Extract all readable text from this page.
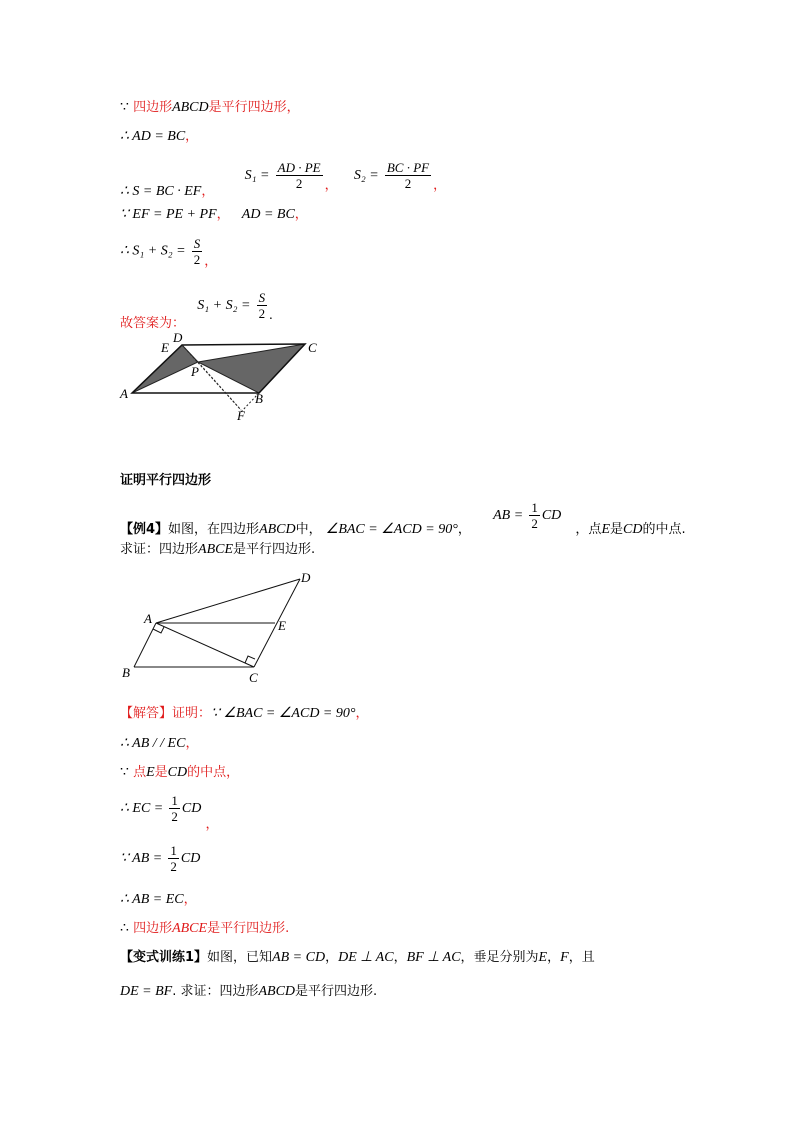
∵ 四边形ABCD是平行四边形，
∴ AD = BC，
∴ S = BC · EF，  $S_1 = \frac{AD \cdot PE}{2}$ ，  $S_2 = \frac{BC \cdot PF}{2}$ ，
∵ EF = PE + PF， AD = BC，
∴ $S_1 + S_2 = \frac{S}{2}$ ，
故答案为：  $S_1 + S_2 = \frac{S}{2}$ .
D
E	C
P
A	B
F
证明平行四边形
【例4】如图，在四边形ABCD中， ∠BAC = ∠ACD = 90°，  AB = $\frac{1}{2}$ CD ，点E是CD的中点.
求证：四边形ABCE是平行四边形.
D
A	E
B	C
【解答】证明：∵ ∠BAC = ∠ACD = 90°，
∴ AB / / EC，
∵ 点E是CD的中点，
∴ EC = $\frac{1}{2}$ CD ，
∵ AB = $\frac{1}{2}$ CD
∴ AB = EC，
∴ 四边形ABCE是平行四边形.
【变式训练1】如图，已知AB = CD，DE ⊥ AC，BF ⊥ AC，垂足分别为E，F，且
DE = BF. 求证：四边形ABCD是平行四边形.
